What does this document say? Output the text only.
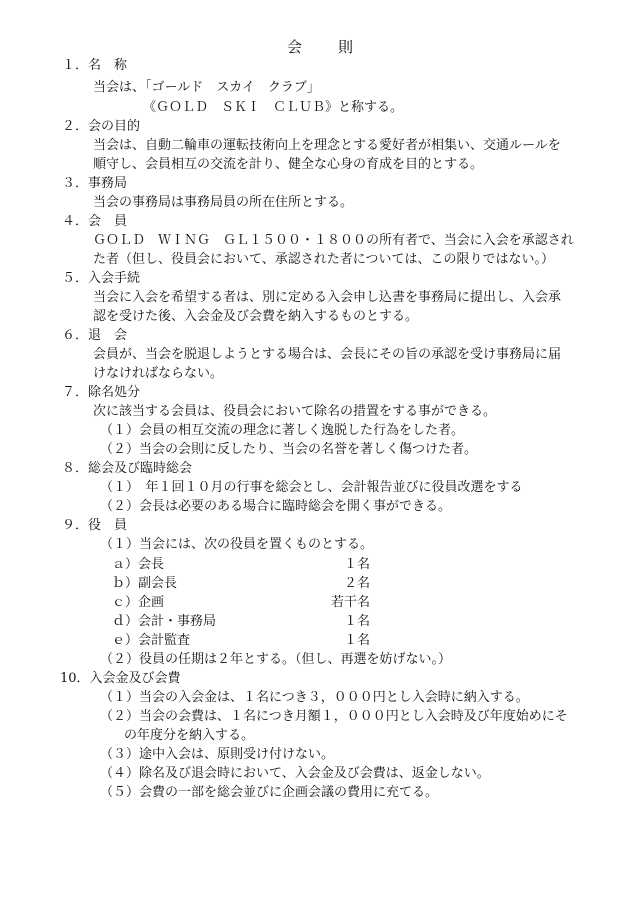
会 則
１．名　称
当会は、「ゴールド　スカイ　クラブ」
《ＧＯＬＤ　ＳＫＩ　ＣＬＵＢ》と称する。
２．会の目的
当会は、自動二輪車の運転技術向上を理念とする愛好者が相集い、交通ルールを
順守し、会員相互の交流を計り、健全な心身の育成を目的とする。
３．事務局
当会の事務局は事務局員の所在住所とする。
４．会　員
ＧＯＬＤ　ＷＩＮＧ　ＧＬ１５００・１８００の所有者で、当会に入会を承認され
た者（但し、役員会において、承認された者については、この限りではない。）
５．入会手続
当会に入会を希望する者は、別に定める入会申し込書を事務局に提出し、入会承
認を受けた後、入会金及び会費を納入するものとする。
６．退　会
会員が、当会を脱退しようとする場合は、会長にその旨の承認を受け事務局に届
けなければならない。
７．除名処分
次に該当する会員は、役員会において除名の措置をする事ができる。
（１）会員の相互交流の理念に著しく逸脱した行為をした者。
（２）当会の会則に反したり、当会の名誉を著しく傷つけた者。
８．総会及び臨時総会
（１）　年１回１０月の行事を総会とし、会計報告並びに役員改選をする
（２）会長は必要のある場合に臨時総会を開く事ができる。
９．役　員
（１）当会には、次の役員を置くものとする。
ａ）会長	１名
ｂ）副会長	２名
ｃ）企画	若干名
ｄ）会計・事務局	１名
ｅ）会計監査	１名
（２）役員の任期は２年とする。（但し、再選を妨げない。）
10．入会金及び会費
（１）当会の入会金は、１名につき３，０００円とし入会時に納入する。
（２）当会の会費は、１名につき月額１，０００円とし入会時及び年度始めにそ
の年度分を納入する。
（３）途中入会は、原則受け付けない。
（４）除名及び退会時において、入会金及び会費は、返金しない。
（５）会費の一部を総会並びに企画会議の費用に充てる。
